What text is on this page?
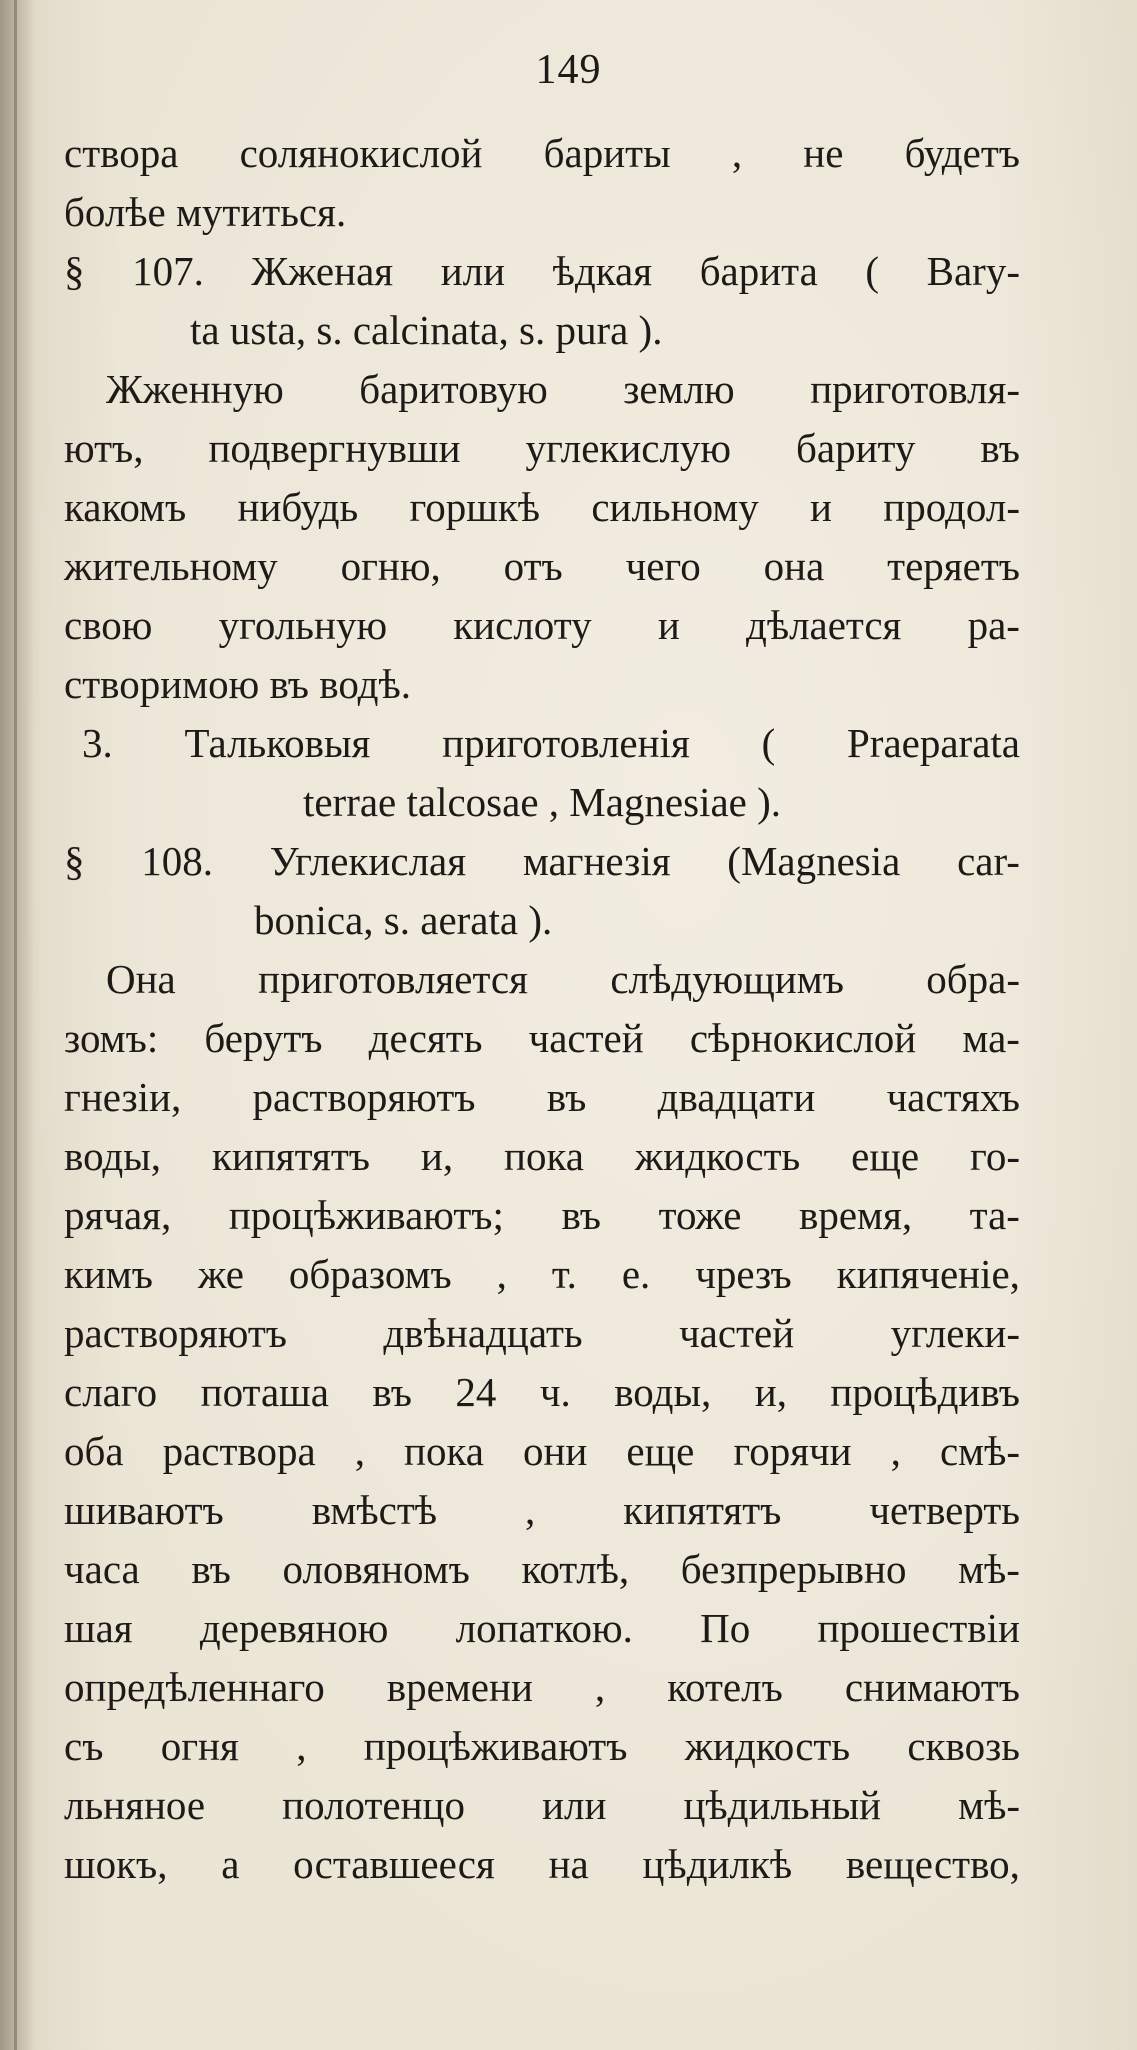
149
створа солянокислой бариты , не будетъ
болѣе мутиться.
§ 107. Жженая или ѣдкая барита ( Bary-
ta usta, s. calcinata, s. pura ).
Жженную баритовую землю приготовля-
ютъ, подвергнувши углекислую бариту въ
какомъ нибудь горшкѣ сильному и продол-
жительному огню, отъ чего она теряетъ
свою угольную кислоту и дѣлается ра-
створимою въ водѣ.
3. Тальковыя приготовленія ( Praeparata
terrae talcosae , Magnesiae ).
§ 108. Углекислая магнезія (Magnesia car-
bonica, s. aerata ).
Она приготовляется слѣдующимъ обра-
зомъ: берутъ десять частей сѣрнокислой ма-
гнезіи, растворяютъ въ двадцати частяхъ
воды, кипятятъ и, пока жидкость еще го-
рячая, процѣживаютъ; въ тоже время, та-
кимъ же образомъ , т. е. чрезъ кипяченіе,
растворяютъ двѣнадцать частей углеки-
слаго поташа въ 24 ч. воды, и, процѣдивъ
оба раствора , пока они еще горячи , смѣ-
шиваютъ вмѣстѣ , кипятятъ четверть
часа въ оловяномъ котлѣ, безпрерывно мѣ-
шая деревяною лопаткою. По прошествіи
опредѣленнаго времени , котелъ снимаютъ
съ огня , процѣживаютъ жидкость сквозь
льняное полотенцо или цѣдильный мѣ-
шокъ, а оставшееся на цѣдилкѣ вещество,
